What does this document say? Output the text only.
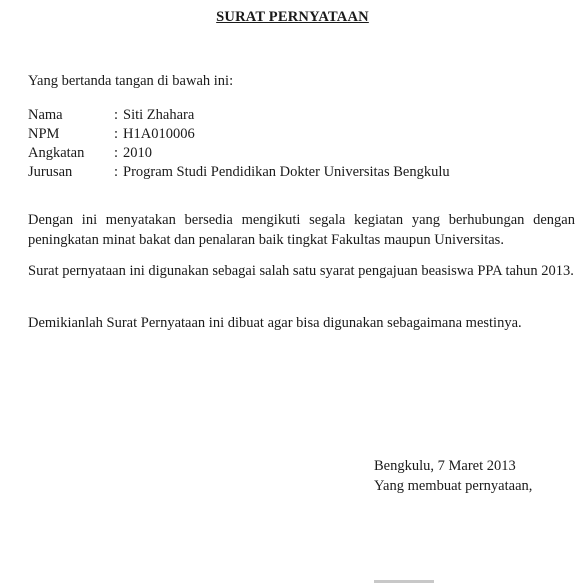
SURAT PERNYATAAN
Yang bertanda tangan di bawah ini:
Nama	: Siti Zhahara
NPM	: H1A010006
Angkatan	: 2010
Jurusan	: Program Studi Pendidikan Dokter Universitas Bengkulu
Dengan ini menyatakan bersedia mengikuti segala kegiatan yang berhubungan dengan peningkatan minat bakat dan penalaran baik tingkat Fakultas maupun Universitas.
Surat pernyataan ini digunakan sebagai salah satu syarat pengajuan beasiswa PPA tahun 2013.
Demikianlah Surat Pernyataan ini dibuat agar bisa digunakan sebagaimana mestinya.
Bengkulu, 7 Maret 2013
Yang membuat pernyataan,
